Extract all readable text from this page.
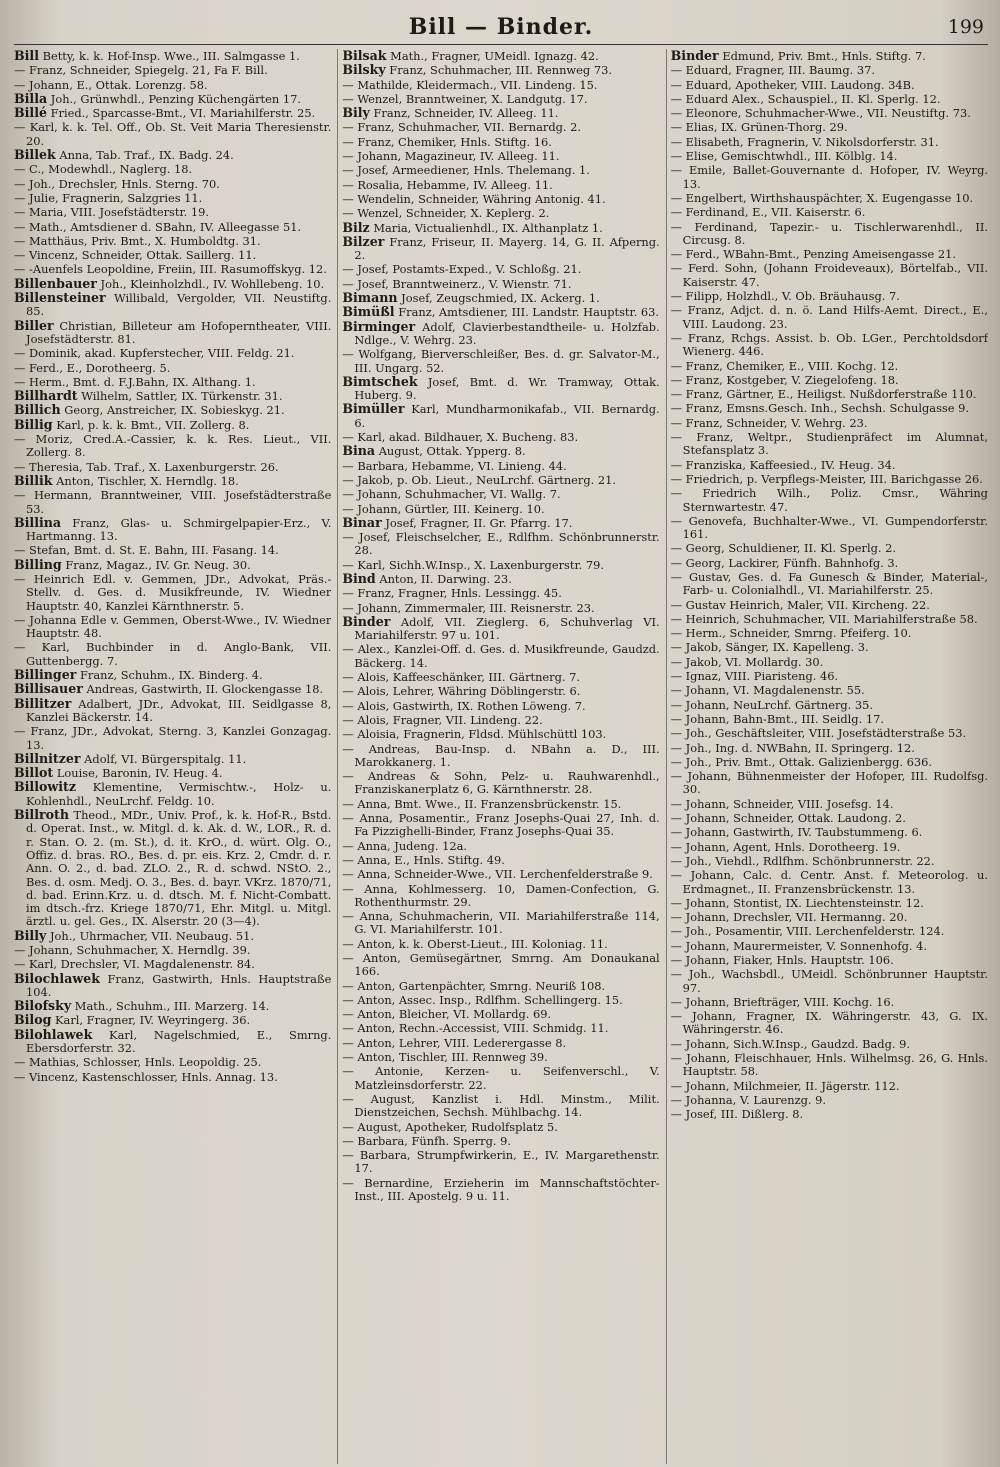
Bill — Binder.	199

Bill Betty, k. k. Hof-Insp. Wwe., III. Salmgasse 1.

— Franz, Schneider, Spiegelg. 21, Fa F. Bill.

— Johann, E., Ottak. Lorenzg. 58.

Billa Joh., Grünwhdl., Penzing Küchengärten 17.

Billé Fried., Sparcasse-Bmt., VI. Mariahilferstr. 25.

— Karl, k. k. Tel. Off., Ob. St. Veit Maria Theresienstr. 20.

Billek Anna, Tab. Traf., IX. Badg. 24.

— C., Modewhdl., Naglerg. 18.

— Joh., Drechsler, Hnls. Sterng. 70.

— Julie, Fragnerin, Salzgries 11.

— Maria, VIII. Josefstädterstr. 19.

— Math., Amtsdiener d. SBahn, IV. Alleegasse 51.

— Matthäus, Priv. Bmt., X. Humboldtg. 31.

— Vincenz, Schneider, Ottak. Saillerg. 11.

— -Auenfels Leopoldine, Freiin, III. Rasumoffskyg. 12.

Billenbauer Joh., Kleinholzhdl., IV. Wohllebeng. 10.

Billensteiner Willibald, Vergolder, VII. Neustiftg. 85.

Biller Christian, Billeteur am Hofoperntheater, VIII. Josefstädterstr. 81.

— Dominik, akad. Kupferstecher, VIII. Feldg. 21.

— Ferd., E., Dorotheerg. 5.

— Herm., Bmt. d. F.J.Bahn, IX. Althang. 1.

Billhardt Wilhelm, Sattler, IX. Türkenstr. 31.

Billich Georg, Anstreicher, IX. Sobieskyg. 21.

Billig Karl, p. k. k. Bmt., VII. Zollerg. 8.

— Moriz, Cred.A.-Cassier, k. k. Res. Lieut., VII. Zollerg. 8.

— Theresia, Tab. Traf., X. Laxenburgerstr. 26.

Billik Anton, Tischler, X. Herndlg. 18.

— Hermann, Branntweiner, VIII. Josefstädterstraße 53.

Billina Franz, Glas- u. Schmirgelpapier-Erz., V. Hartmanng. 13.

— Stefan, Bmt. d. St. E. Bahn, III. Fasang. 14.

Billing Franz, Magaz., IV. Gr. Neug. 30.

— Heinrich Edl. v. Gemmen, JDr., Advokat, Präs.-Stellv. d. Ges. d. Musikfreunde, IV. Wiedner Hauptstr. 40, Kanzlei Kärnthnerstr. 5.

— Johanna Edle v. Gemmen, Oberst-Wwe., IV. Wiedner Hauptstr. 48.

— Karl, Buchbinder in d. Anglo-Bank, VII. Guttenbergg. 7.

Billinger Franz, Schuhm., IX. Binderg. 4.

Billisauer Andreas, Gastwirth, II. Glockengasse 18.

Billitzer Adalbert, JDr., Advokat, III. Seidlgasse 8, Kanzlei Bäckerstr. 14.

— Franz, JDr., Advokat, Sterng. 3, Kanzlei Gonzagag. 13.

Billnitzer Adolf, VI. Bürgerspitalg. 11.

Billot Louise, Baronin, IV. Heug. 4.

Billowitz Klementine, Vermischtw.-, Holz- u. Kohlenhdl., NeuLrchf. Feldg. 10.

Billroth Theod., MDr., Univ. Prof., k. k. Hof-R., Bstd. d. Operat. Inst., w. Mitgl. d. k. Ak. d. W., LOR., R. d. r. Stan. O. 2. (m. St.), d. it. KrO., d. würt. Olg. O., Offiz. d. bras. RO., Bes. d. pr. eis. Krz. 2, Cmdr. d. r. Ann. O. 2., d. bad. ZLO. 2., R. d. schwd. NStO. 2., Bes. d. osm. Medj. O. 3., Bes. d. bayr. VKrz. 1870/71, d. bad. Erinn.Krz. u. d. dtsch. M. f. Nicht-Combatt. im dtsch.-frz. Kriege 1870/71, Ehr. Mitgl. u. Mitgl. ärztl. u. gel. Ges., IX. Alserstr. 20 (3—4).

Billy Joh., Uhrmacher, VII. Neubaug. 51.

— Johann, Schuhmacher, X. Herndlg. 39.

— Karl, Drechsler, VI. Magdalenenstr. 84.

Bilochlawek Franz, Gastwirth, Hnls. Hauptstraße 104.

Bilofsky Math., Schuhm., III. Marzerg. 14.

Bilog Karl, Fragner, IV. Weyringerg. 36.

Bilohlawek Karl, Nagelschmied, E., Smrng. Ebersdorferstr. 32.

— Mathias, Schlosser, Hnls. Leopoldig. 25.

— Vincenz, Kastenschlosser, Hnls. Annag. 13.

Bilsak Math., Fragner, UMeidl. Ignazg. 42.

Bilsky Franz, Schuhmacher, III. Rennweg 73.

— Mathilde, Kleidermach., VII. Lindeng. 15.

— Wenzel, Branntweiner, X. Landgutg. 17.

Bily Franz, Schneider, IV. Alleeg. 11.

— Franz, Schuhmacher, VII. Bernardg. 2.

— Franz, Chemiker, Hnls. Stiftg. 16.

— Johann, Magazineur, IV. Alleeg. 11.

— Josef, Armeediener, Hnls. Thelemang. 1.

— Rosalia, Hebamme, IV. Alleeg. 11.

— Wendelin, Schneider, Währing Antonig. 41.

— Wenzel, Schneider, X. Keplerg. 2.

Bilz Maria, Victualienhdl., IX. Althanplatz 1.

Bilzer Franz, Friseur, II. Mayerg. 14, G. II. Afperng. 2.

— Josef, Postamts-Exped., V. Schloßg. 21.

— Josef, Branntweinerz., V. Wienstr. 71.

Bimann Josef, Zeugschmied, IX. Ackerg. 1.

Bimüßl Franz, Amtsdiener, III. Landstr. Hauptstr. 63.

Birminger Adolf, Clavierbestandtheile- u. Holzfab. Ndlge., V. Wehrg. 23.

— Wolfgang, Bierverschleißer, Bes. d. gr. Salvator-M., III. Ungarg. 52.

Bimtschek Josef, Bmt. d. Wr. Tramway, Ottak. Huberg. 9.

Bimüller Karl, Mundharmonikafab., VII. Bernardg. 6.

— Karl, akad. Bildhauer, X. Bucheng. 83.

Bina August, Ottak. Ypperg. 8.

— Barbara, Hebamme, VI. Linieng. 44.

— Jakob, p. Ob. Lieut., NeuLrchf. Gärtnerg. 21.

— Johann, Schuhmacher, VI. Wallg. 7.

— Johann, Gürtler, III. Keinerg. 10.

Binar Josef, Fragner, II. Gr. Pfarrg. 17.

— Josef, Fleischselcher, E., Rdlfhm. Schönbrunnerstr. 28.

— Karl, Sichh.W.Insp., X. Laxenburgerstr. 79.

Bind Anton, II. Darwing. 23.

— Franz, Fragner, Hnls. Lessingg. 45.

— Johann, Zimmermaler, III. Reisnerstr. 23.

Binder Adolf, VII. Zieglerg. 6, Schuhverlag VI. Mariahilferstr. 97 u. 101.

— Alex., Kanzlei-Off. d. Ges. d. Musikfreunde, Gaudzd. Bäckerg. 14.

— Alois, Kaffeeschänker, III. Gärtnerg. 7.

— Alois, Lehrer, Währing Döblingerstr. 6.

— Alois, Gastwirth, IX. Rothen Löweng. 7.

— Alois, Fragner, VII. Lindeng. 22.

— Aloisia, Fragnerin, Fldsd. Mühlschüttl 103.

— Andreas, Bau-Insp. d. NBahn a. D., III. Marokkanerg. 1.

— Andreas & Sohn, Pelz- u. Rauhwarenhdl., Franziskanerplatz 6, G. Kärnthnerstr. 28.

— Anna, Bmt. Wwe., II. Franzensbrückenstr. 15.

— Anna, Posamentir., Franz Josephs-Quai 27, Inh. d. Fa Pizzighelli-Binder, Franz Josephs-Quai 35.

— Anna, Judeng. 12a.

— Anna, E., Hnls. Stiftg. 49.

— Anna, Schneider-Wwe., VII. Lerchenfelderstraße 9.

— Anna, Kohlmesserg. 10, Damen-Confection, G. Rothenthurmstr. 29.

— Anna, Schuhmacherin, VII. Mariahilferstraße 114, G. VI. Mariahilferstr. 101.

— Anton, k. k. Oberst-Lieut., III. Koloniag. 11.

— Anton, Gemüsegärtner, Smrng. Am Donaukanal 166.

— Anton, Gartenpächter, Smrng. Neuriß 108.

— Anton, Assec. Insp., Rdlfhm. Schellingerg. 15.

— Anton, Bleicher, VI. Mollardg. 69.

— Anton, Rechn.-Accessist, VIII. Schmidg. 11.

— Anton, Lehrer, VIII. Lederergasse 8.

— Anton, Tischler, III. Rennweg 39.

— Antonie, Kerzen- u. Seifenverschl., V. Matzleinsdorferstr. 22.

— August, Kanzlist i. Hdl. Minstm., Milit. Dienstzeichen, Sechsh. Mühlbachg. 14.

— August, Apotheker, Rudolfsplatz 5.

— Barbara, Fünfh. Sperrg. 9.

— Barbara, Strumpfwirkerin, E., IV. Margarethenstr. 17.

— Bernardine, Erzieherin im Mannschaftstöchter-Inst., III. Apostelg. 9 u. 11.

Binder Edmund, Priv. Bmt., Hnls. Stiftg. 7.

— Eduard, Fragner, III. Baumg. 37.

— Eduard, Apotheker, VIII. Laudong. 34B.

— Eduard Alex., Schauspiel., II. Kl. Sperlg. 12.

— Eleonore, Schuhmacher-Wwe., VII. Neustiftg. 73.

— Elias, IX. Grünen-Thorg. 29.

— Elisabeth, Fragnerin, V. Nikolsdorferstr. 31.

— Elise, Gemischtwhdl., III. Kölblg. 14.

— Emile, Ballet-Gouvernante d. Hofoper, IV. Weyrg. 13.

— Engelbert, Wirthshauspächter, X. Eugengasse 10.

— Ferdinand, E., VII. Kaiserstr. 6.

— Ferdinand, Tapezir.- u. Tischlerwarenhdl., II. Circusg. 8.

— Ferd., WBahn-Bmt., Penzing Ameisengasse 21.

— Ferd. Sohn, (Johann Froideveaux), Börtelfab., VII. Kaiserstr. 47.

— Filipp, Holzhdl., V. Ob. Bräuhausg. 7.

— Franz, Adjct. d. n. ö. Land Hilfs-Aemt. Direct., E., VIII. Laudong. 23.

— Franz, Rchgs. Assist. b. Ob. LGer., Perchtoldsdorf Wienerg. 446.

— Franz, Chemiker, E., VIII. Kochg. 12.

— Franz, Kostgeber, V. Ziegelofeng. 18.

— Franz, Gärtner, E., Heiligst. Nußdorferstraße 110.

— Franz, Emsns.Gesch. Inh., Sechsh. Schulgasse 9.

— Franz, Schneider, V. Wehrg. 23.

— Franz, Weltpr., Studienpräfect im Alumnat, Stefansplatz 3.

— Franziska, Kaffeesied., IV. Heug. 34.

— Friedrich, p. Verpflegs-Meister, III. Barichgasse 26.

— Friedrich Wilh., Poliz. Cmsr., Währing Sternwartestr. 47.

— Genovefa, Buchhalter-Wwe., VI. Gumpendorferstr. 161.

— Georg, Schuldiener, II. Kl. Sperlg. 2.

— Georg, Lackirer, Fünfh. Bahnhofg. 3.

— Gustav, Ges. d. Fa Gunesch & Binder, Material-, Farb- u. Colonialhdl., VI. Mariahilferstr. 25.

— Gustav Heinrich, Maler, VII. Kircheng. 22.

— Heinrich, Schuhmacher, VII. Mariahilferstraße 58.

— Herm., Schneider, Smrng. Pfeiferg. 10.

— Jakob, Sänger, IX. Kapelleng. 3.

— Jakob, VI. Mollardg. 30.

— Ignaz, VIII. Piaristeng. 46.

— Johann, VI. Magdalenenstr. 55.

— Johann, NeuLrchf. Gärtnerg. 35.

— Johann, Bahn-Bmt., III. Seidlg. 17.

— Joh., Geschäftsleiter, VIII. Josefstädterstraße 53.

— Joh., Ing. d. NWBahn, II. Springerg. 12.

— Joh., Priv. Bmt., Ottak. Galizienbergg. 636.

— Johann, Bühnenmeister der Hofoper, III. Rudolfsg. 30.

— Johann, Schneider, VIII. Josefsg. 14.

— Johann, Schneider, Ottak. Laudong. 2.

— Johann, Gastwirth, IV. Taubstummeng. 6.

— Johann, Agent, Hnls. Dorotheerg. 19.

— Joh., Viehdl., Rdlfhm. Schönbrunnerstr. 22.

— Johann, Calc. d. Centr. Anst. f. Meteorolog. u. Erdmagnet., II. Franzensbrückenstr. 13.

— Johann, Stontist, IX. Liechtensteinstr. 12.

— Johann, Drechsler, VII. Hermanng. 20.

— Joh., Posamentir, VIII. Lerchenfelderstr. 124.

— Johann, Maurermeister, V. Sonnenhofg. 4.

— Johann, Fiaker, Hnls. Hauptstr. 106.

— Joh., Wachsbdl., UMeidl. Schönbrunner Hauptstr. 97.

— Johann, Briefträger, VIII. Kochg. 16.

— Johann, Fragner, IX. Währingerstr. 43, G. IX. Währingerstr. 46.

— Johann, Sich.W.Insp., Gaudzd. Badg. 9.

— Johann, Fleischhauer, Hnls. Wilhelmsg. 26, G. Hnls. Hauptstr. 58.

— Johann, Milchmeier, II. Jägerstr. 112.

— Johanna, V. Laurenzg. 9.

— Josef, III. Dißlerg. 8.
